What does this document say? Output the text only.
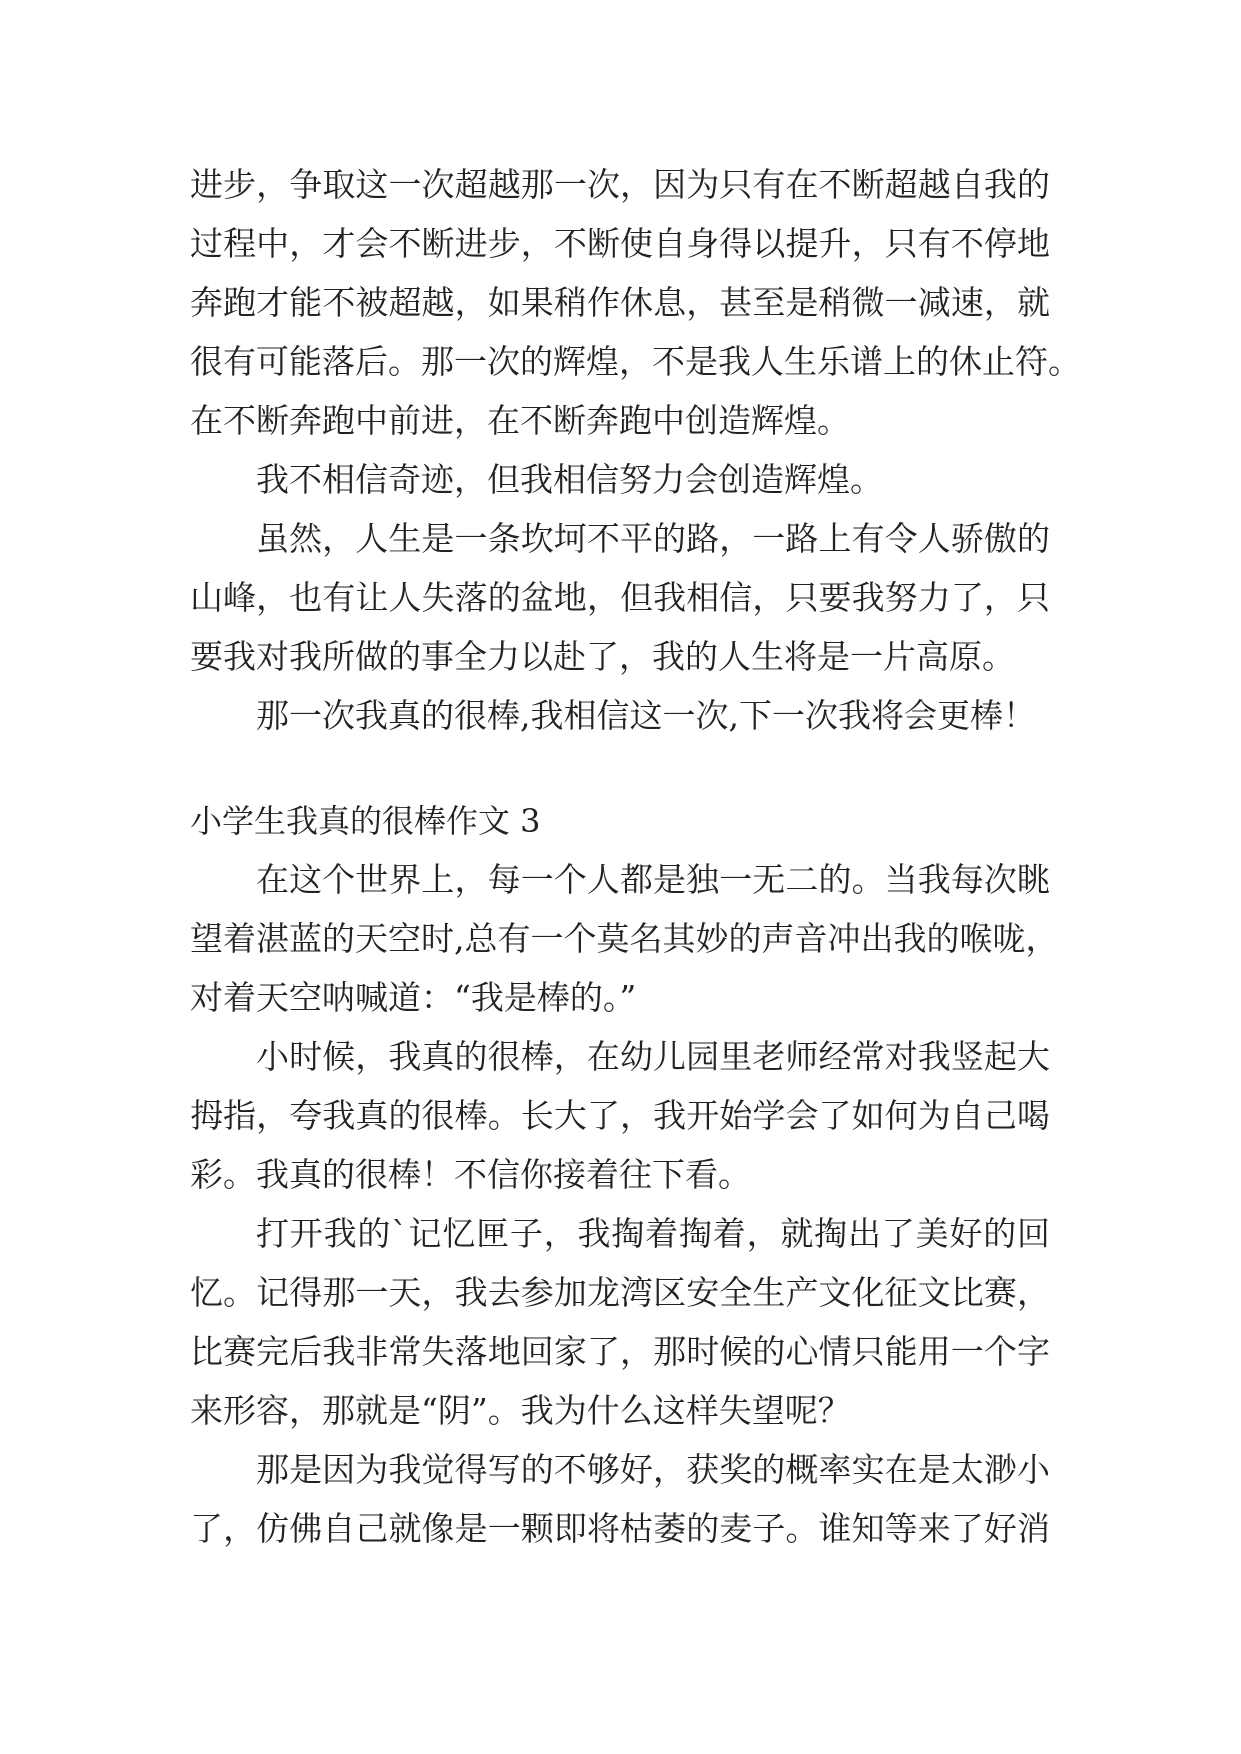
进步，争取这一次超越那一次，因为只有在不断超越自我的
过程中，才会不断进步，不断使自身得以提升，只有不停地
奔跑才能不被超越，如果稍作休息，甚至是稍微一减速，就
很有可能落后。那一次的辉煌，不是我人生乐谱上的休止符。
在不断奔跑中前进，在不断奔跑中创造辉煌。
我不相信奇迹，但我相信努力会创造辉煌。
虽然，人生是一条坎坷不平的路，一路上有令人骄傲的
山峰，也有让人失落的盆地，但我相信，只要我努力了，只
要我对我所做的事全力以赴了，我的人生将是一片高原。
那一次我真的很棒,我相信这一次,下一次我将会更棒！
小学生我真的很棒作文 3
在这个世界上，每一个人都是独一无二的。当我每次眺
望着湛蓝的天空时,总有一个莫名其妙的声音冲出我的喉咙，
对着天空呐喊道：“我是棒的。”
小时候，我真的很棒，在幼儿园里老师经常对我竖起大
拇指，夸我真的很棒。长大了，我开始学会了如何为自己喝
彩。我真的很棒！不信你接着往下看。
打开我的`记忆匣子，我掏着掏着，就掏出了美好的回
忆。记得那一天，我去参加龙湾区安全生产文化征文比赛，
比赛完后我非常失落地回家了，那时候的心情只能用一个字
来形容，那就是“阴”。我为什么这样失望呢？
那是因为我觉得写的不够好，获奖的概率实在是太渺小
了，仿佛自己就像是一颗即将枯萎的麦子。谁知等来了好消
